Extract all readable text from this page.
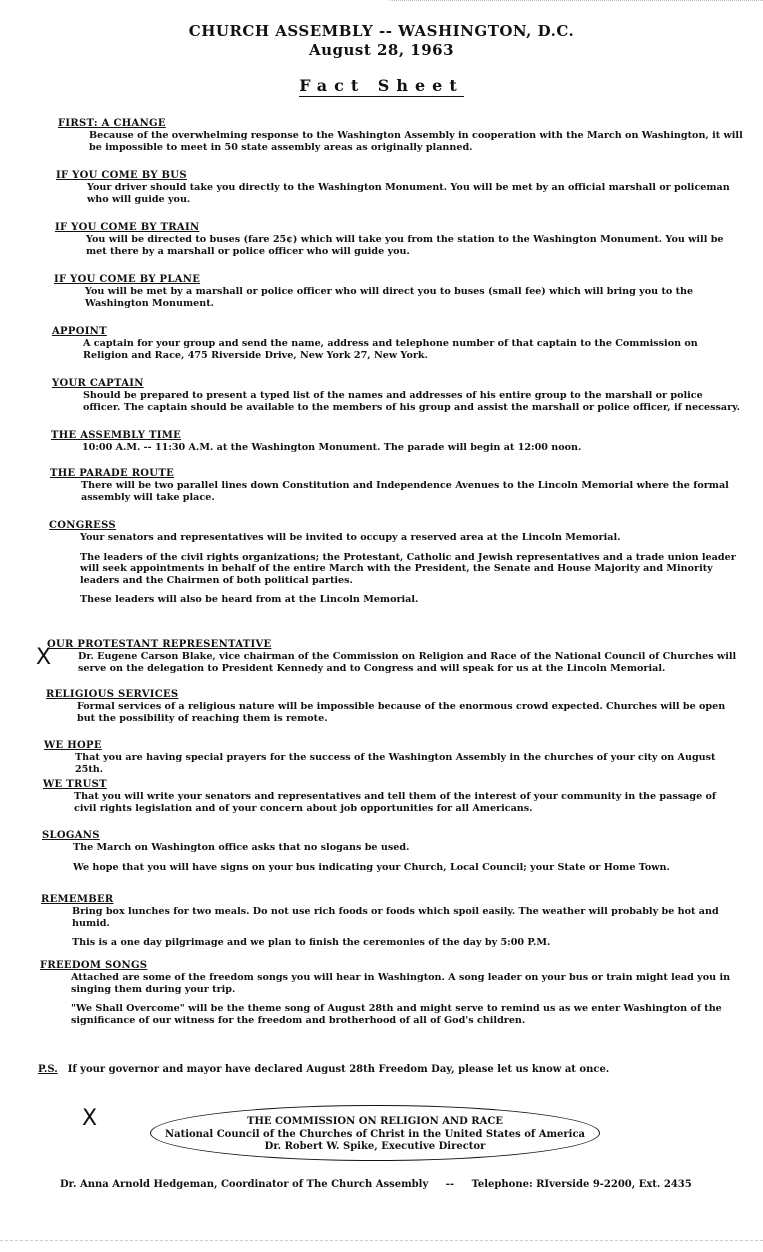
CHURCH ASSEMBLY -- WASHINGTON, D.C.
August 28, 1963
Fact Sheet
FIRST: A CHANGE

Because of the overwhelming response to the Washington Assembly in cooperation with the March on Washington, it will be impossible to meet in 50 state assembly areas as originally planned.

IF YOU COME BY BUS

Your driver should take you directly to the Washington Monument. You will be met by an official marshall or policeman who will guide you.

IF YOU COME BY TRAIN

You will be directed to buses (fare 25¢) which will take you from the station to the Washington Monument. You will be met there by a marshall or police officer who will guide you.

IF YOU COME BY PLANE

You will be met by a marshall or police officer who will direct you to buses (small fee) which will bring you to the Washington Monument.

APPOINT

A captain for your group and send the name, address and telephone number of that captain to the Commission on Religion and Race, 475 Riverside Drive, New York 27, New York.

YOUR CAPTAIN

Should be prepared to present a typed list of the names and addresses of his entire group to the marshall or police officer. The captain should be available to the members of his group and assist the marshall or police officer, if necessary.

THE ASSEMBLY TIME

10:00 A.M. -- 11:30 A.M. at the Washington Monument. The parade will begin at 12:00 noon.

THE PARADE ROUTE

There will be two parallel lines down Constitution and Independence Avenues to the Lincoln Memorial where the formal assembly will take place.

CONGRESS

Your senators and representatives will be invited to occupy a reserved area at the Lincoln Memorial.

The leaders of the civil rights organizations; the Protestant, Catholic and Jewish representatives and a trade union leader will seek appointments in behalf of the entire March with the President, the Senate and House Majority and Minority leaders and the Chairmen of both political parties.

These leaders will also be heard from at the Lincoln Memorial.

OUR PROTESTANT REPRESENTATIVE

Dr. Eugene Carson Blake, vice chairman of the Commission on Religion and Race of the National Council of Churches will serve on the delegation to President Kennedy and to Congress and will speak for us at the Lincoln Memorial.

RELIGIOUS SERVICES

Formal services of a religious nature will be impossible because of the enormous crowd expected. Churches will be open but the possibility of reaching them is remote.

WE HOPE

That you are having special prayers for the success of the Washington Assembly in the churches of your city on August 25th.

WE TRUST

That you will write your senators and representatives and tell them of the interest of your community in the passage of civil rights legislation and of your concern about job opportunities for all Americans.

SLOGANS

The March on Washington office asks that no slogans be used.

We hope that you will have signs on your bus indicating your Church, Local Council; your State or Home Town.

REMEMBER

Bring box lunches for two meals. Do not use rich foods or foods which spoil easily. The weather will probably be hot and humid.

This is a one day pilgrimage and we plan to finish the ceremonies of the day by 5:00 P.M.

FREEDOM SONGS

Attached are some of the freedom songs you will hear in Washington. A song leader on your bus or train might lead you in singing them during your trip.

"We Shall Overcome" will be the theme song of August 28th and might serve to remind us as we enter Washington of the significance of our witness for the freedom and brotherhood of all of God's children.

X
P.S. If your governor and mayor have declared August 28th Freedom Day, please let us know at once.
X	THE COMMISSION ON RELIGION AND RACE
National Council of the Churches of Christ in the United States of America
Dr. Robert W. Spike, Executive Director
Dr. Anna Arnold Hedgeman, Coordinator of The Church Assembly -- Telephone: RIverside 9-2200, Ext. 2435
